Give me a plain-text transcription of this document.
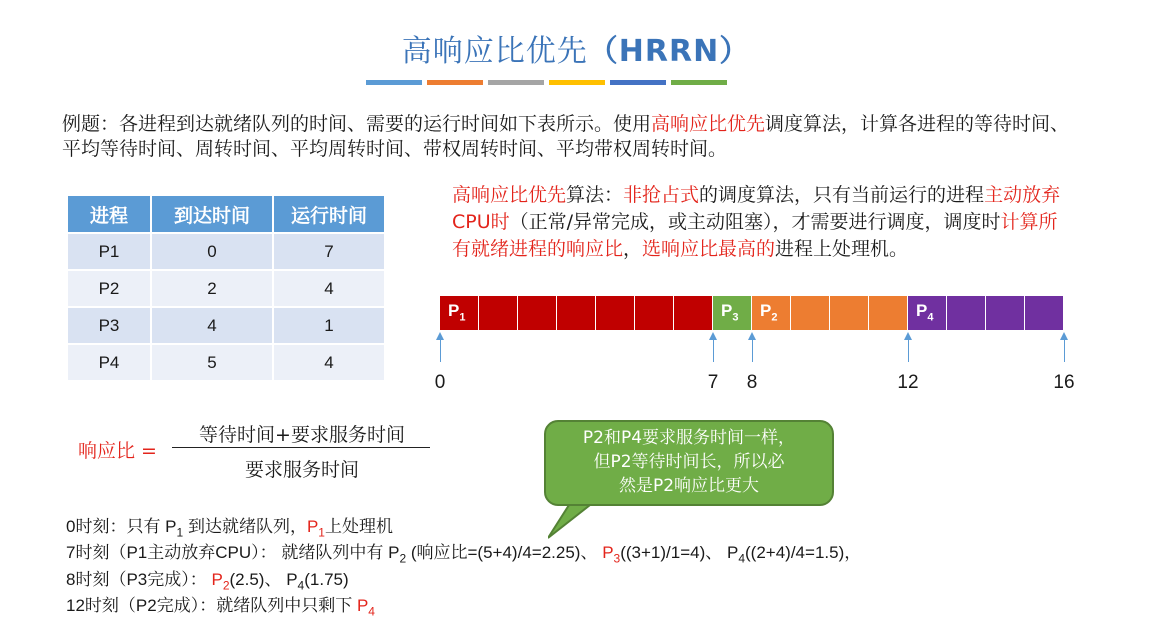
高响应比优先（HRRN）
例题：各进程到达就绪队列的时间、需要的运行时间如下表所示。使用高响应比优先调度算法，计算各进程的等待时间、平均等待时间、周转时间、平均周转时间、带权周转时间、平均带权周转时间。
进程	到达时间	运行时间
P1	0	7
P2	2	4
P3	4	1
P4	5	4
高响应比优先算法：非抢占式的调度算法，只有当前运行的进程主动放弃CPU时（正常/异常完成，或主动阻塞），才需要进行调度，调度时计算所有就绪进程的响应比，选响应比最高的进程上处理机。
$P_1$	$P_3$ $P_2$	$P_4$
0	7 8	12	16
响应比 =
等待时间+要求服务时间
要求服务时间
P2和P4要求服务时间一样，
但P2等待时间长，所以必
然是P2响应比更大
0时刻：只有 $P_1$ 到达就绪队列，$P_1$上处理机
7时刻（P1主动放弃CPU）： 就绪队列中有 $P_2$ (响应比=(5+4)/4=2.25)、 $P_3((3+1)/1=4)$、 $P_4((2+4)/4=1.5)$，
8时刻（P3完成）： $P_2(2.5)$、 $P_4(1.75)$
12时刻（P2完成）：就绪队列中只剩下 $P_4$
